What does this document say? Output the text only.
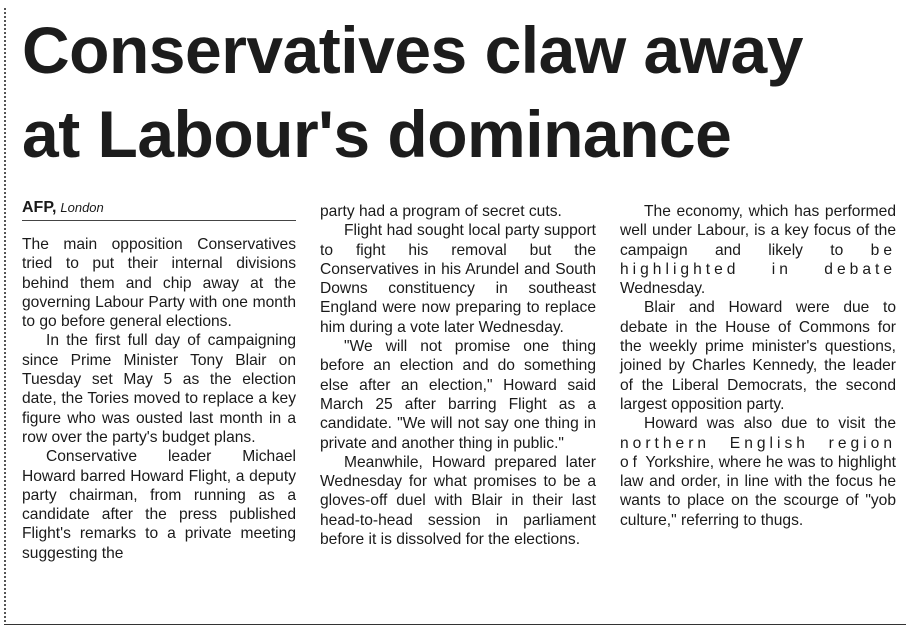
Conservatives claw away
at Labour's dominance
AFP, London

The main opposition Conservatives tried to put their internal divisions behind them and chip away at the governing Labour Party with one month to go before general elections.

In the first full day of campaigning since Prime Minister Tony Blair on Tuesday set May 5 as the election date, the Tories moved to replace a key figure who was ousted last month in a row over the party's budget plans.

Conservative leader Michael Howard barred Howard Flight, a deputy party chairman, from running as a candidate after the press published Flight's remarks to a private meeting suggesting the

party had a program of secret cuts.

Flight had sought local party support to fight his removal but the Conservatives in his Arundel and South Downs constituency in southeast England were now preparing to replace him during a vote later Wednesday.

"We will not promise one thing before an election and do something else after an election," Howard said March 25 after barring Flight as a candidate. "We will not say one thing in private and another thing in public."

Meanwhile, Howard prepared later Wednesday for what promises to be a gloves-off duel with Blair in their last head-to-head session in parliament before it is dissolved for the elections.

The economy, which has performed well under Labour, is a key focus of the campaign and likely to be highlighted in debate Wednesday.

Blair and Howard were due to debate in the House of Commons for the weekly prime minister's questions, joined by Charles Kennedy, the leader of the Liberal Democrats, the second largest opposition party.

Howard was also due to visit the northern English region of Yorkshire, where he was to highlight law and order, in line with the focus he wants to place on the scourge of "yob culture," referring to thugs.
